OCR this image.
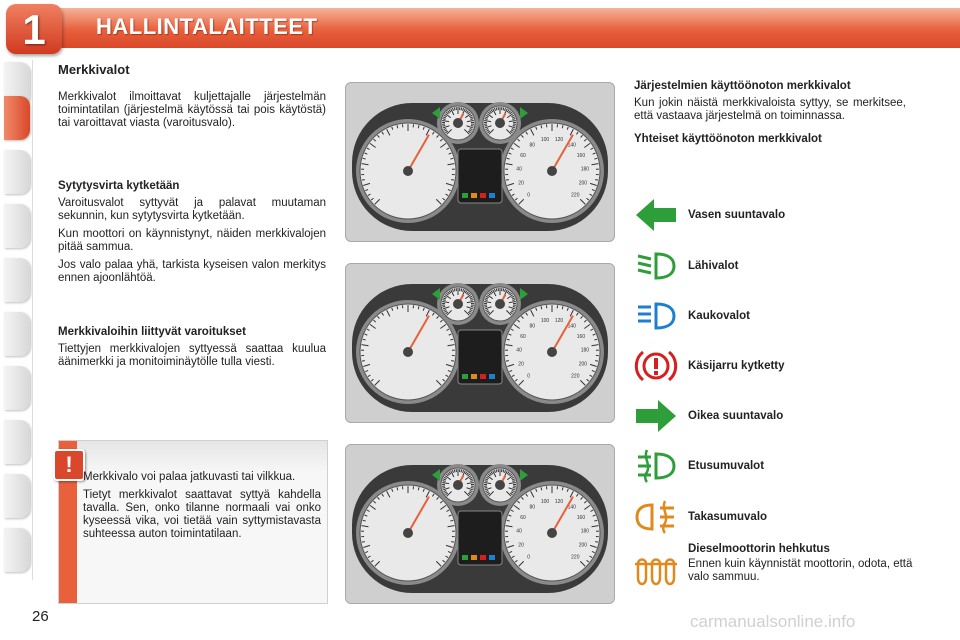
1	HALLINTALAITTEET
Merkkivalot

Merkkivalot ilmoittavat kuljettajalle järjestelmän toimintatilan (järjestelmä käytössä tai pois käytöstä) tai varoittavat viasta (varoitusvalo).

Sytytysvirta kytketään

Varoitusvalot syttyvät ja palavat muutaman sekunnin, kun sytytysvirta kytketään.

Kun moottori on käynnistynyt, näiden merkkivalojen pitää sammua.

Jos valo palaa yhä, tarkista kyseisen valon merkitys ennen ajoonlähtöä.

Merkkivaloihin liittyvät varoitukset

Tiettyjen merkkivalojen syttyessä saattaa kuulua äänimerkki ja monitoiminäytölle tulla viesti.

! Merkkivalo voi palaa jatkuvasti tai vilkkua.

Tietyt merkkivalot saattavat syttyä kahdella tavalla. Sen, onko tilanne normaali vai onko kyseessä vika, voi tietää vain syttymistavasta suhteessa auton toimintatilaan.

0
20
40
60
80
100 120
140
160
180
200
220
0
20
40
60
80
100 120
140
160
180
200
220
0
20
40
60
80
100 120
140
160
180
200
220
Järjestelmien käyttöönoton merkkivalot

Kun jokin näistä merkkivaloista syttyy, se merkitsee, että vastaava järjestelmä on toiminnassa.

Yhteiset käyttöönoton merkkivalot
Vasen suuntavalo
Lähivalot
Kaukovalot
Käsijarru kytketty
Oikea suuntavalo
Etusumuvalot
Takasumuvalo
Dieselmoottorin hehkutus

Ennen kuin käynnistät moottorin, odota, että valo sammuu.

26	carmanualsonline.info
